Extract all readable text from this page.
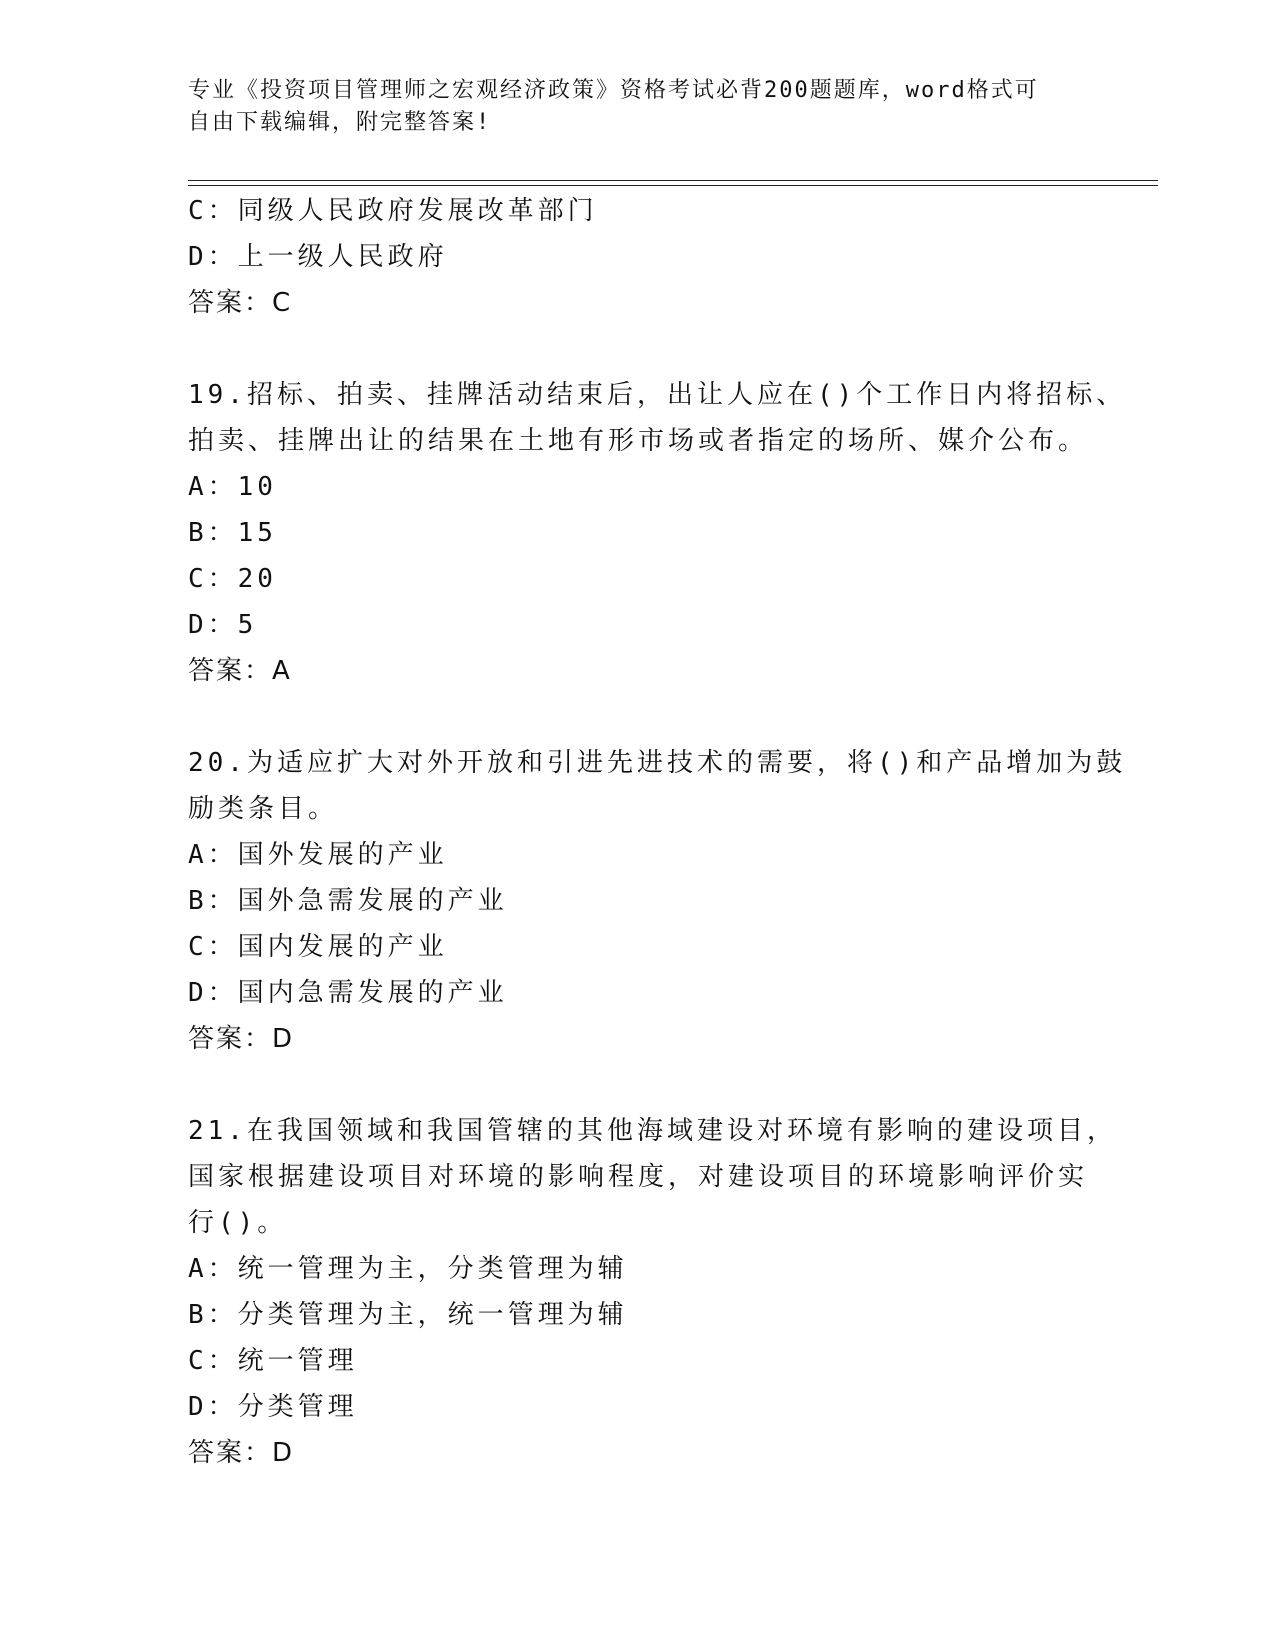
专业《投资项目管理师之宏观经济政策》资格考试必背200题题库，word格式可
自由下载编辑，附完整答案!
C：同级人民政府发展改革部门
D：上一级人民政府
答案：C
19.招标、拍卖、挂牌活动结束后，出让人应在()个工作日内将招标、
拍卖、挂牌出让的结果在土地有形市场或者指定的场所、媒介公布。
A：10
B：15
C：20
D：5
答案：A
20.为适应扩大对外开放和引进先进技术的需要，将()和产品增加为鼓
励类条目。
A：国外发展的产业
B：国外急需发展的产业
C：国内发展的产业
D：国内急需发展的产业
答案：D
21.在我国领域和我国管辖的其他海域建设对环境有影响的建设项目，
国家根据建设项目对环境的影响程度，对建设项目的环境影响评价实
行()。
A：统一管理为主，分类管理为辅
B：分类管理为主，统一管理为辅
C：统一管理
D：分类管理
答案：D
